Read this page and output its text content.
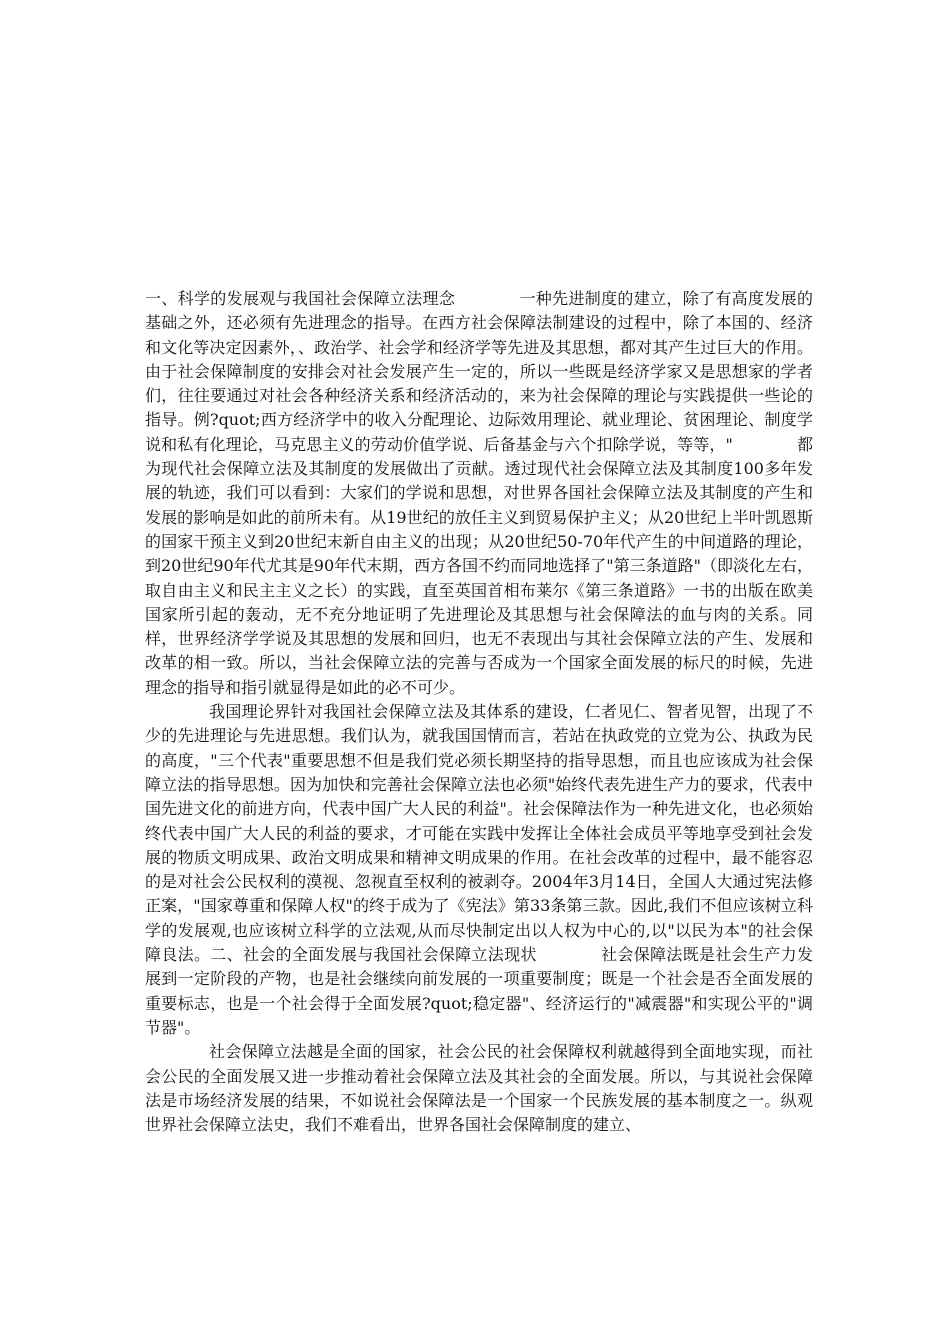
一、科学的发展观与我国社会保障立法理念	一种先进制度的建立，除了有高度发展的基础之外，还必须有先进理念的指导。在西方社会保障法制建设的过程中，除了本国的、经济和文化等决定因素外，、政治学、社会学和经济学等先进及其思想，都对其产生过巨大的作用。由于社会保障制度的安排会对社会发展产生一定的，所以一些既是经济学家又是思想家的学者们，往往要通过对社会各种经济关系和经济活动的，来为社会保障的理论与实践提供一些论的指导。例?quot;西方经济学中的收入分配理论、边际效用理论、就业理论、贫困理论、制度学说和私有化理论，马克思主义的劳动价值学说、后备基金与六个扣除学说，等等，"	都为现代社会保障立法及其制度的发展做出了贡献。透过现代社会保障立法及其制度100多年发展的轨迹，我们可以看到：大家们的学说和思想，对世界各国社会保障立法及其制度的产生和发展的影响是如此的前所未有。从19世纪的放任主义到贸易保护主义；从20世纪上半叶凯恩斯的国家干预主义到20世纪末新自由主义的出现；从20世纪50-70年代产生的中间道路的理论，到20世纪90年代尤其是90年代末期，西方各国不约而同地选择了"第三条道路"（即淡化左右，取自由主义和民主主义之长）的实践，直至英国首相布莱尔《第三条道路》一书的出版在欧美国家所引起的轰动，无不充分地证明了先进理论及其思想与社会保障法的血与肉的关系。同样，世界经济学学说及其思想的发展和回归，也无不表现出与其社会保障立法的产生、发展和改革的相一致。所以，当社会保障立法的完善与否成为一个国家全面发展的标尺的时候，先进理念的指导和指引就显得是如此的必不可少。

我国理论界针对我国社会保障立法及其体系的建设，仁者见仁、智者见智，出现了不少的先进理论与先进思想。我们认为，就我国国情而言，若站在执政党的立党为公、执政为民的高度，"三个代表"重要思想不但是我们党必须长期坚持的指导思想，而且也应该成为社会保障立法的指导思想。因为加快和完善社会保障立法也必须"始终代表先进生产力的要求，代表中国先进文化的前进方向，代表中国广大人民的利益"。社会保障法作为一种先进文化，也必须始终代表中国广大人民的利益的要求，才可能在实践中发挥让全体社会成员平等地享受到社会发展的物质文明成果、政治文明成果和精神文明成果的作用。在社会改革的过程中，最不能容忍的是对社会公民权利的漠视、忽视直至权利的被剥夺。2004年3月14日，全国人大通过宪法修正案，"国家尊重和保障人权"的终于成为了《宪法》第33条第三款。因此,我们不但应该树立科学的发展观,也应该树立科学的立法观,从而尽快制定出以人权为中心的,以"以民为本"的社会保障良法。二、社会的全面发展与我国社会保障立法现状	社会保障法既是社会生产力发展到一定阶段的产物，也是社会继续向前发展的一项重要制度；既是一个社会是否全面发展的重要标志，也是一个社会得于全面发展?quot;稳定器"、经济运行的"减震器"和实现公平的"调节器"。

社会保障立法越是全面的国家，社会公民的社会保障权利就越得到全面地实现，而社会公民的全面发展又进一步推动着社会保障立法及其社会的全面发展。所以，与其说社会保障法是市场经济发展的结果，不如说社会保障法是一个国家一个民族发展的基本制度之一。纵观世界社会保障立法史，我们不难看出，世界各国社会保障制度的建立、
